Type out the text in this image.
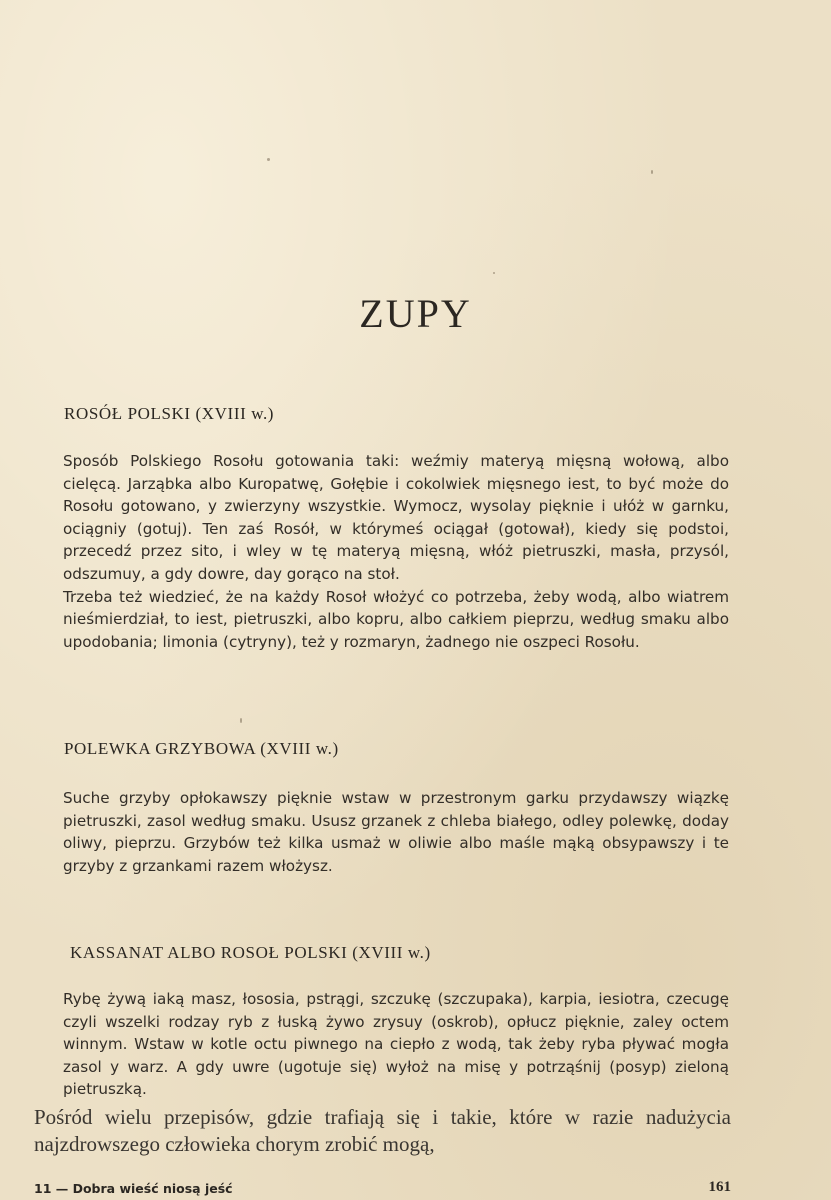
ZUPY
ROSÓŁ POLSKI (XVIII w.)

Sposób Polskiego Rosołu gotowania taki: weźmiy materyą mięsną wołową, albo cielęcą. Jarząbka albo Kuropatwę, Gołębie i cokolwiek mięsnego iest, to być może do Rosołu gotowano, y zwierzyny wszystkie. Wymocz, wysolay pięknie i ułóż w garnku, ociągniy (gotuj). Ten zaś Rosół, w którymeś ociągał (gotował), kiedy się podstoi, przecedź przez sito, i wley w tę materyą mięsną, włóż pietruszki, masła, przysól, odszumuy, a gdy dowre, day gorąco na stoł.

Trzeba też wiedzieć, że na każdy Rosoł włożyć co potrzeba, żeby wodą, albo wiatrem nieśmierdział, to iest, pietruszki, albo kopru, albo całkiem pieprzu, według smaku albo upodobania; limonia (cytryny), też y rozmaryn, żadnego nie oszpeci Rosołu.

POLEWKA GRZYBOWA (XVIII w.)

Suche grzyby opłokawszy pięknie wstaw w przestronym garku przydawszy wiązkę pietruszki, zasol według smaku. Ususz grzanek z chleba białego, odley polewkę, doday oliwy, pieprzu. Grzybów też kilka usmaż w oliwie albo maśle mąką obsypawszy i te grzyby z grzankami razem włożysz.

KASSANAT ALBO ROSOŁ POLSKI (XVIII w.)

Rybę żywą iaką masz, łososia, pstrągi, szczukę (szczupaka), karpia, iesiotra, czecugę czyli wszelki rodzay ryb z łuską żywo zrysuy (oskrob), opłucz pięknie, zaley octem winnym. Wstaw w kotle octu piwnego na ciepło z wodą, tak żeby ryba pływać mogła zasol y warz. A gdy uwre (ugotuje się) wyłoż na misę y potrząśnij (posyp) zieloną pietruszką.

Pośród wielu przepisów, gdzie trafiają się i takie, które w razie nadużycia najzdrowszego człowieka chorym zrobić mogą,

11 — Dobra wieść niosą jeść	161
